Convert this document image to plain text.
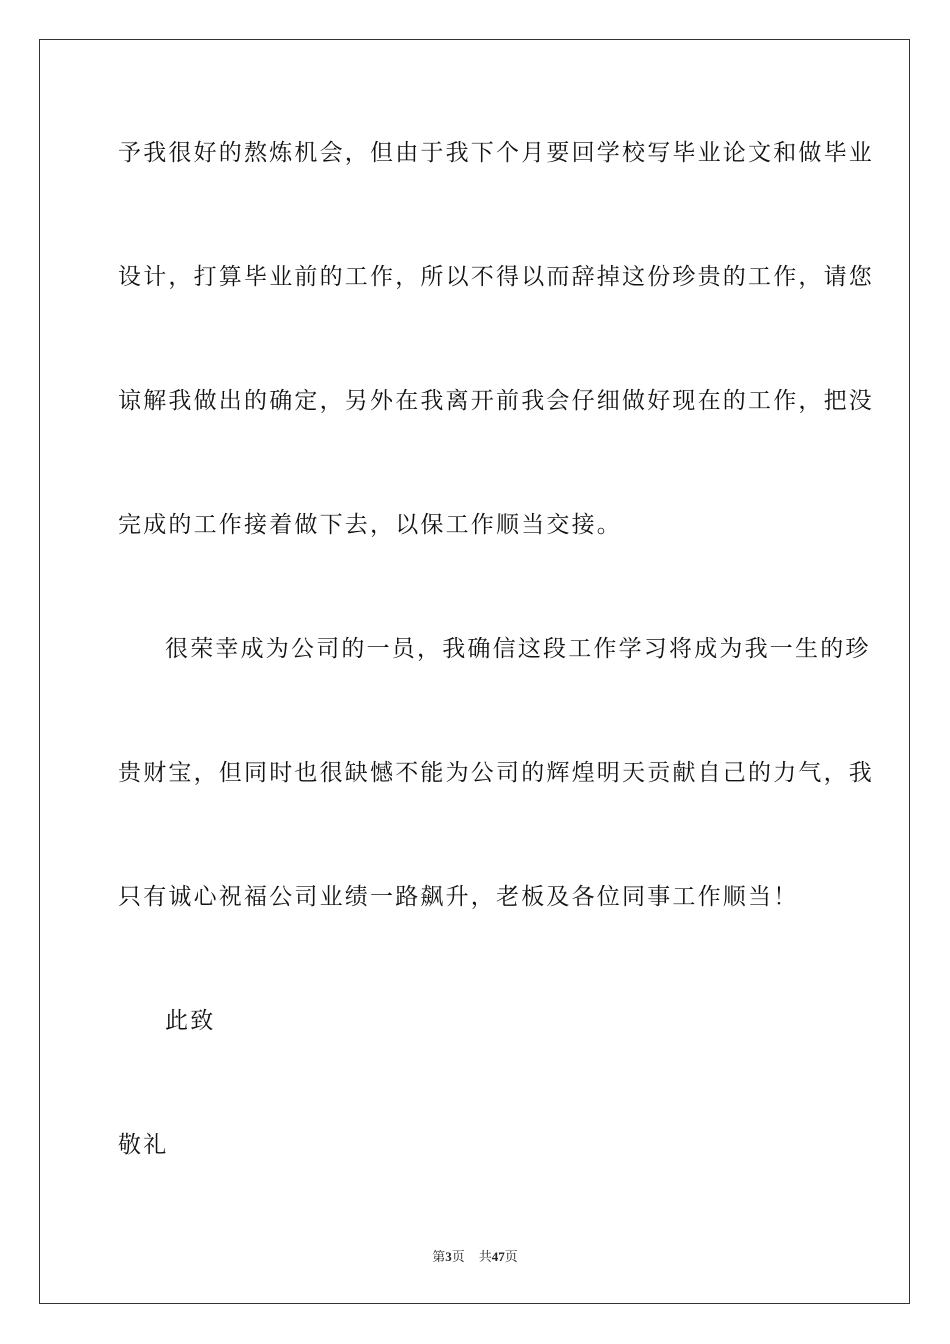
予我很好的熬炼机会，但由于我下个月要回学校写毕业论文和做毕业

设计，打算毕业前的工作，所以不得以而辞掉这份珍贵的工作，请您

谅解我做出的确定，另外在我离开前我会仔细做好现在的工作，把没

完成的工作接着做下去，以保工作顺当交接。

很荣幸成为公司的一员，我确信这段工作学习将成为我一生的珍

贵财宝，但同时也很缺憾不能为公司的辉煌明天贡献自己的力气，我

只有诚心祝福公司业绩一路飙升，老板及各位同事工作顺当！

此致

敬礼

第3页 共47页
